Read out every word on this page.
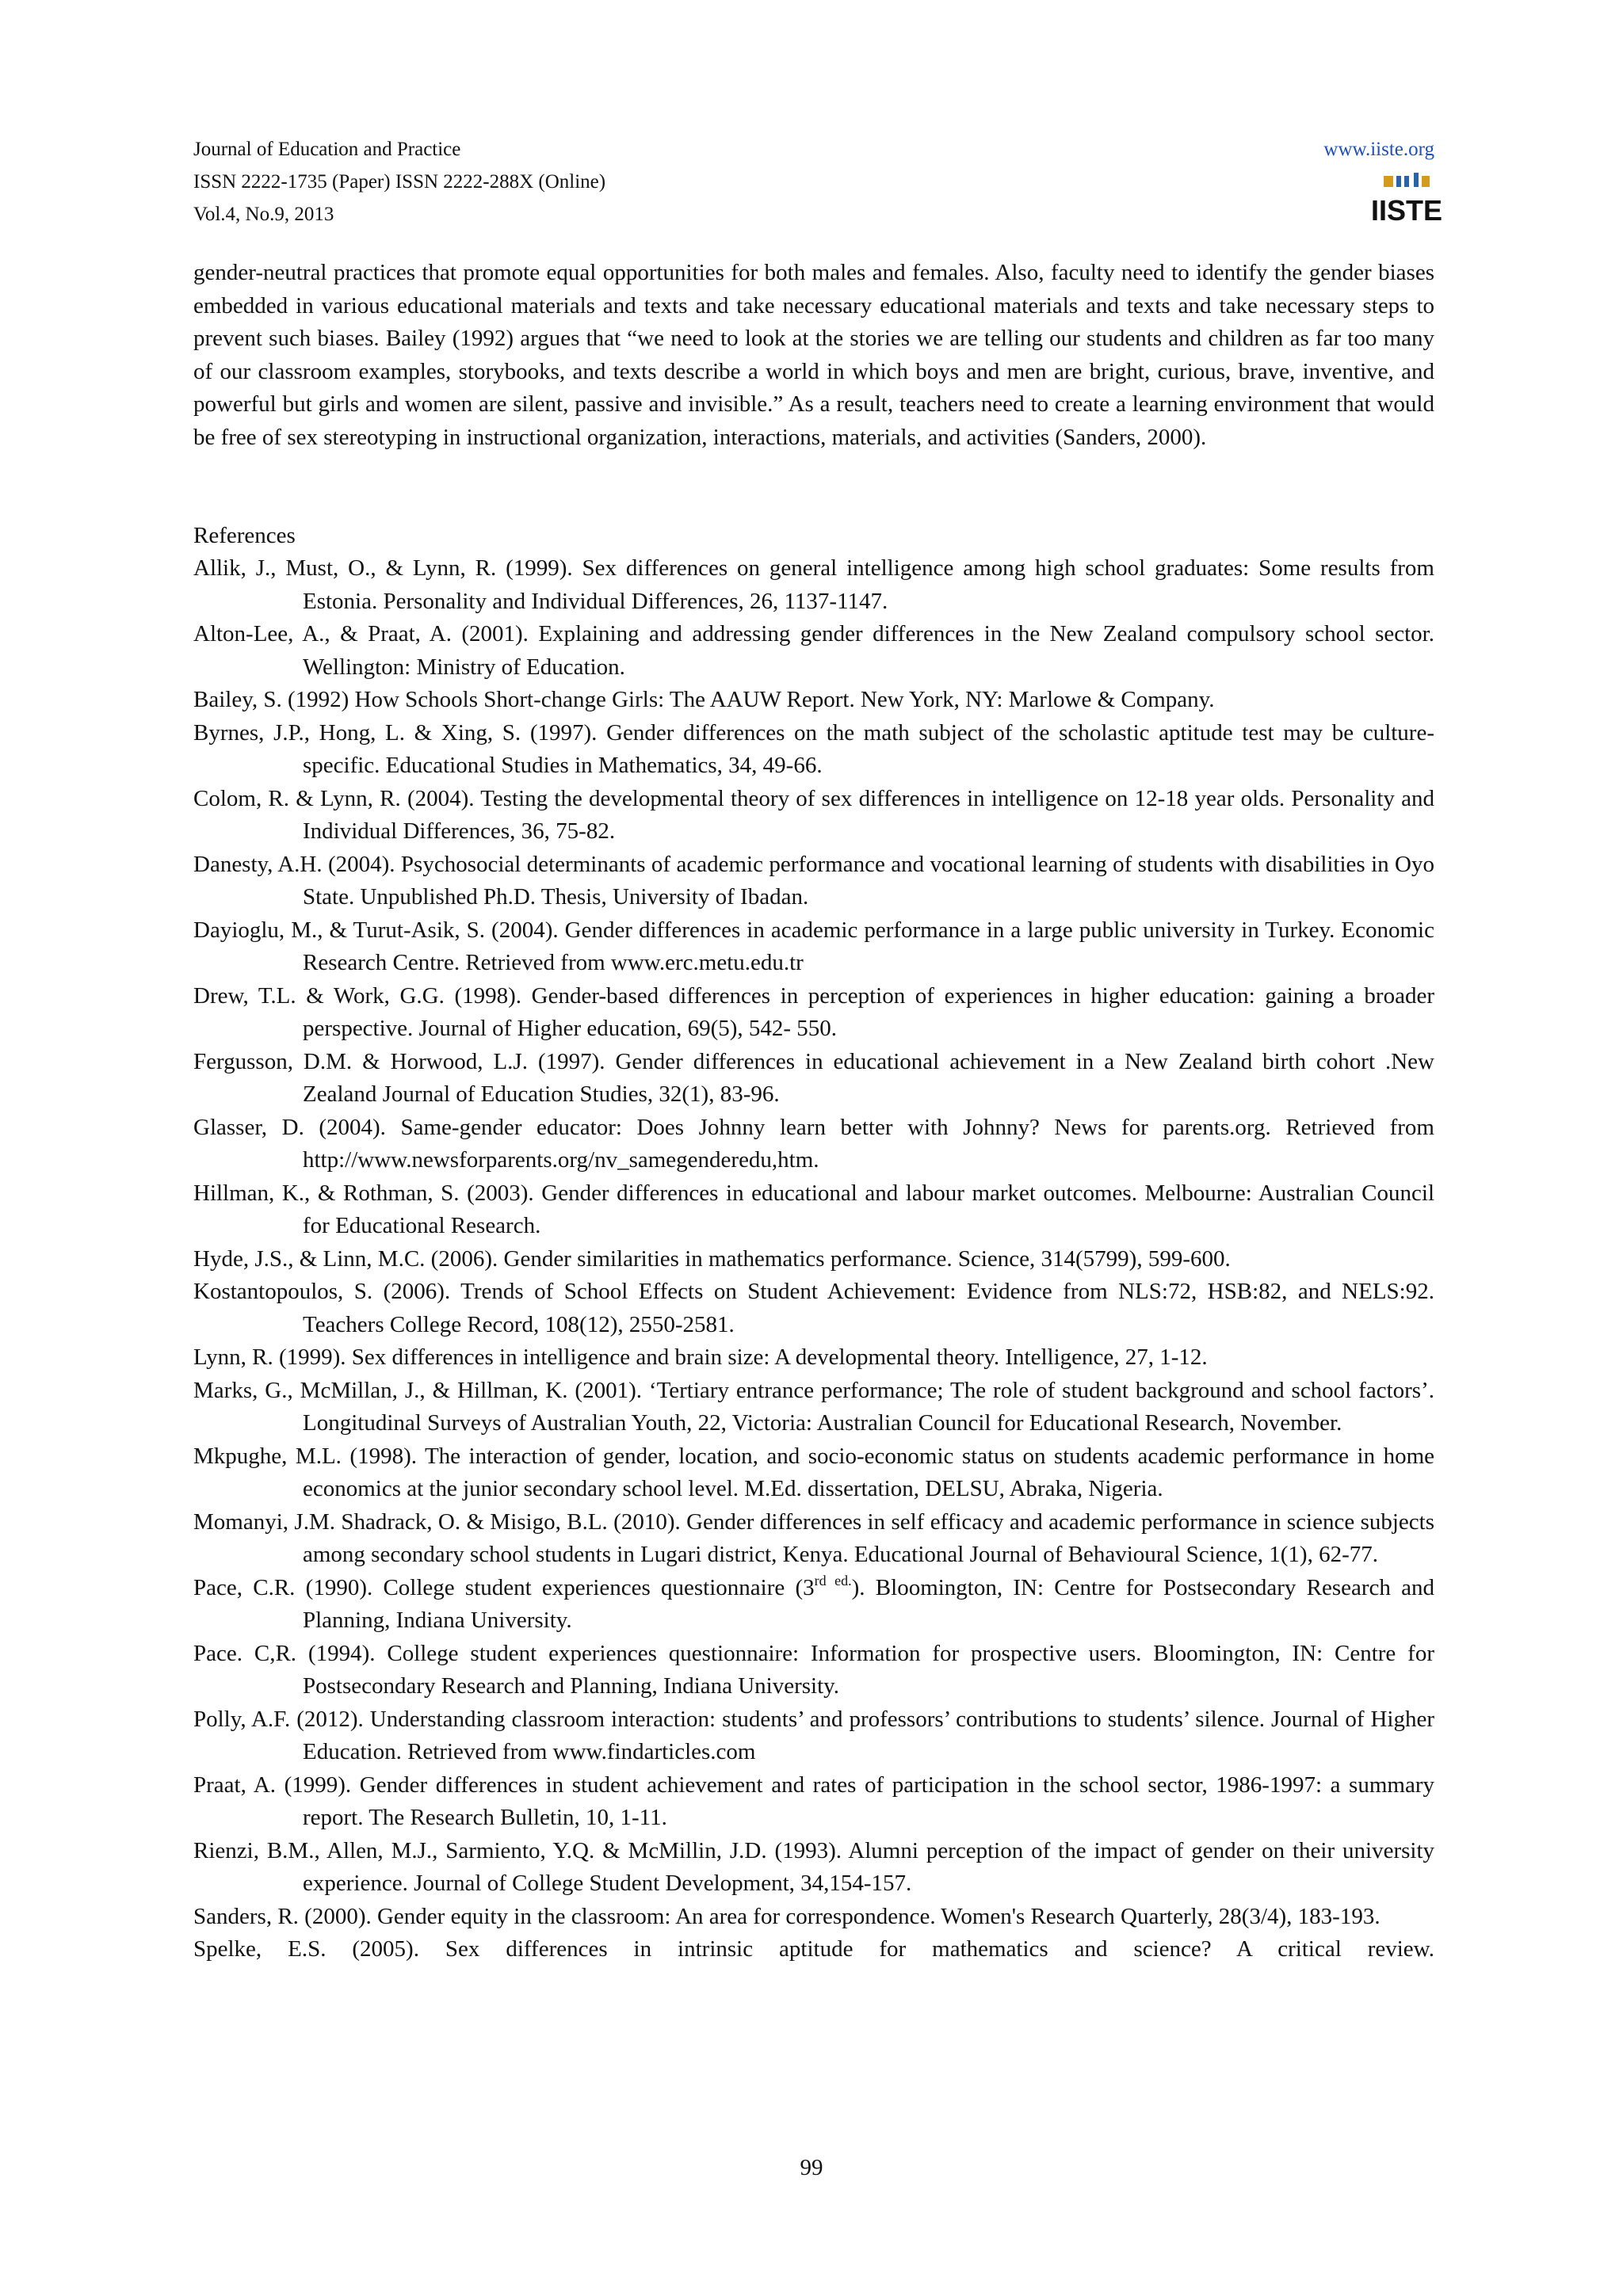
Journal of Education and Practice
ISSN 2222-1735 (Paper) ISSN 2222-288X (Online)
Vol.4, No.9, 2013
www.iiste.org
IISTE

gender-neutral practices that promote equal opportunities for both males and females. Also, faculty need to identify the gender biases embedded in various educational materials and texts and take necessary educational materials and texts and take necessary steps to prevent such biases. Bailey (1992) argues that “we need to look at the stories we are telling our students and children as far too many of our classroom examples, storybooks, and texts describe a world in which boys and men are bright, curious, brave, inventive, and powerful but girls and women are silent, passive and invisible.” As a result, teachers need to create a learning environment that would be free of sex stereotyping in instructional organization, interactions, materials, and activities (Sanders, 2000).

References
Allik, J., Must, O., & Lynn, R. (1999). Sex differences on general intelligence among high school graduates: Some results from Estonia. Personality and Individual Differences, 26, 1137-1147.
Alton-Lee, A., & Praat, A. (2001). Explaining and addressing gender differences in the New Zealand compulsory school sector. Wellington: Ministry of Education.
Bailey, S. (1992) How Schools Short-change Girls: The AAUW Report. New York, NY: Marlowe & Company.
Byrnes, J.P., Hong, L. & Xing, S. (1997). Gender differences on the math subject of the scholastic aptitude test may be culture-specific. Educational Studies in Mathematics, 34, 49-66.
Colom, R. & Lynn, R. (2004). Testing the developmental theory of sex differences in intelligence on 12-18 year olds. Personality and Individual Differences, 36, 75-82.
Danesty, A.H. (2004). Psychosocial determinants of academic performance and vocational learning of students with disabilities in Oyo State. Unpublished Ph.D. Thesis, University of Ibadan.
Dayioglu, M., & Turut-Asik, S. (2004). Gender differences in academic performance in a large public university in Turkey. Economic Research Centre. Retrieved from www.erc.metu.edu.tr
Drew, T.L. & Work, G.G. (1998). Gender-based differences in perception of experiences in higher education: gaining a broader perspective. Journal of Higher education, 69(5), 542- 550.
Fergusson, D.M. & Horwood, L.J. (1997). Gender differences in educational achievement in a New Zealand birth cohort .New Zealand Journal of Education Studies, 32(1), 83-96.
Glasser, D. (2004). Same-gender educator: Does Johnny learn better with Johnny? News for parents.org. Retrieved from http://www.newsforparents.org/nv_samegenderedu,htm.
Hillman, K., & Rothman, S. (2003). Gender differences in educational and labour market outcomes. Melbourne: Australian Council for Educational Research.
Hyde, J.S., & Linn, M.C. (2006). Gender similarities in mathematics performance. Science, 314(5799), 599-600.
Kostantopoulos, S. (2006). Trends of School Effects on Student Achievement: Evidence from NLS:72, HSB:82, and NELS:92. Teachers College Record, 108(12), 2550-2581.
Lynn, R. (1999). Sex differences in intelligence and brain size: A developmental theory. Intelligence, 27, 1-12.
Marks, G., McMillan, J., & Hillman, K. (2001). ‘Tertiary entrance performance; The role of student background and school factors’. Longitudinal Surveys of Australian Youth, 22, Victoria: Australian Council for Educational Research, November.
Mkpughe, M.L. (1998). The interaction of gender, location, and socio-economic status on students academic performance in home economics at the junior secondary school level. M.Ed. dissertation, DELSU, Abraka, Nigeria.
Momanyi, J.M. Shadrack, O. & Misigo, B.L. (2010). Gender differences in self efficacy and academic performance in science subjects among secondary school students in Lugari district, Kenya. Educational Journal of Behavioural Science, 1(1), 62-77.
Pace, C.R. (1990). College student experiences questionnaire $(3^{rd ed.})$. Bloomington, IN: Centre for Postsecondary Research and Planning, Indiana University.
Pace. C,R. (1994). College student experiences questionnaire: Information for prospective users. Bloomington, IN: Centre for Postsecondary Research and Planning, Indiana University.
Polly, A.F. (2012). Understanding classroom interaction: students’ and professors’ contributions to students’ silence. Journal of Higher Education. Retrieved from www.findarticles.com
Praat, A. (1999). Gender differences in student achievement and rates of participation in the school sector, 1986-1997: a summary report. The Research Bulletin, 10, 1-11.
Rienzi, B.M., Allen, M.J., Sarmiento, Y.Q. & McMillin, J.D. (1993). Alumni perception of the impact of gender on their university experience. Journal of College Student Development, 34,154-157.
Sanders, R. (2000). Gender equity in the classroom: An area for correspondence. Women's Research Quarterly, 28(3/4), 183-193.
Spelke, E.S. (2005). Sex differences in intrinsic aptitude for mathematics and science? A critical review.
99
